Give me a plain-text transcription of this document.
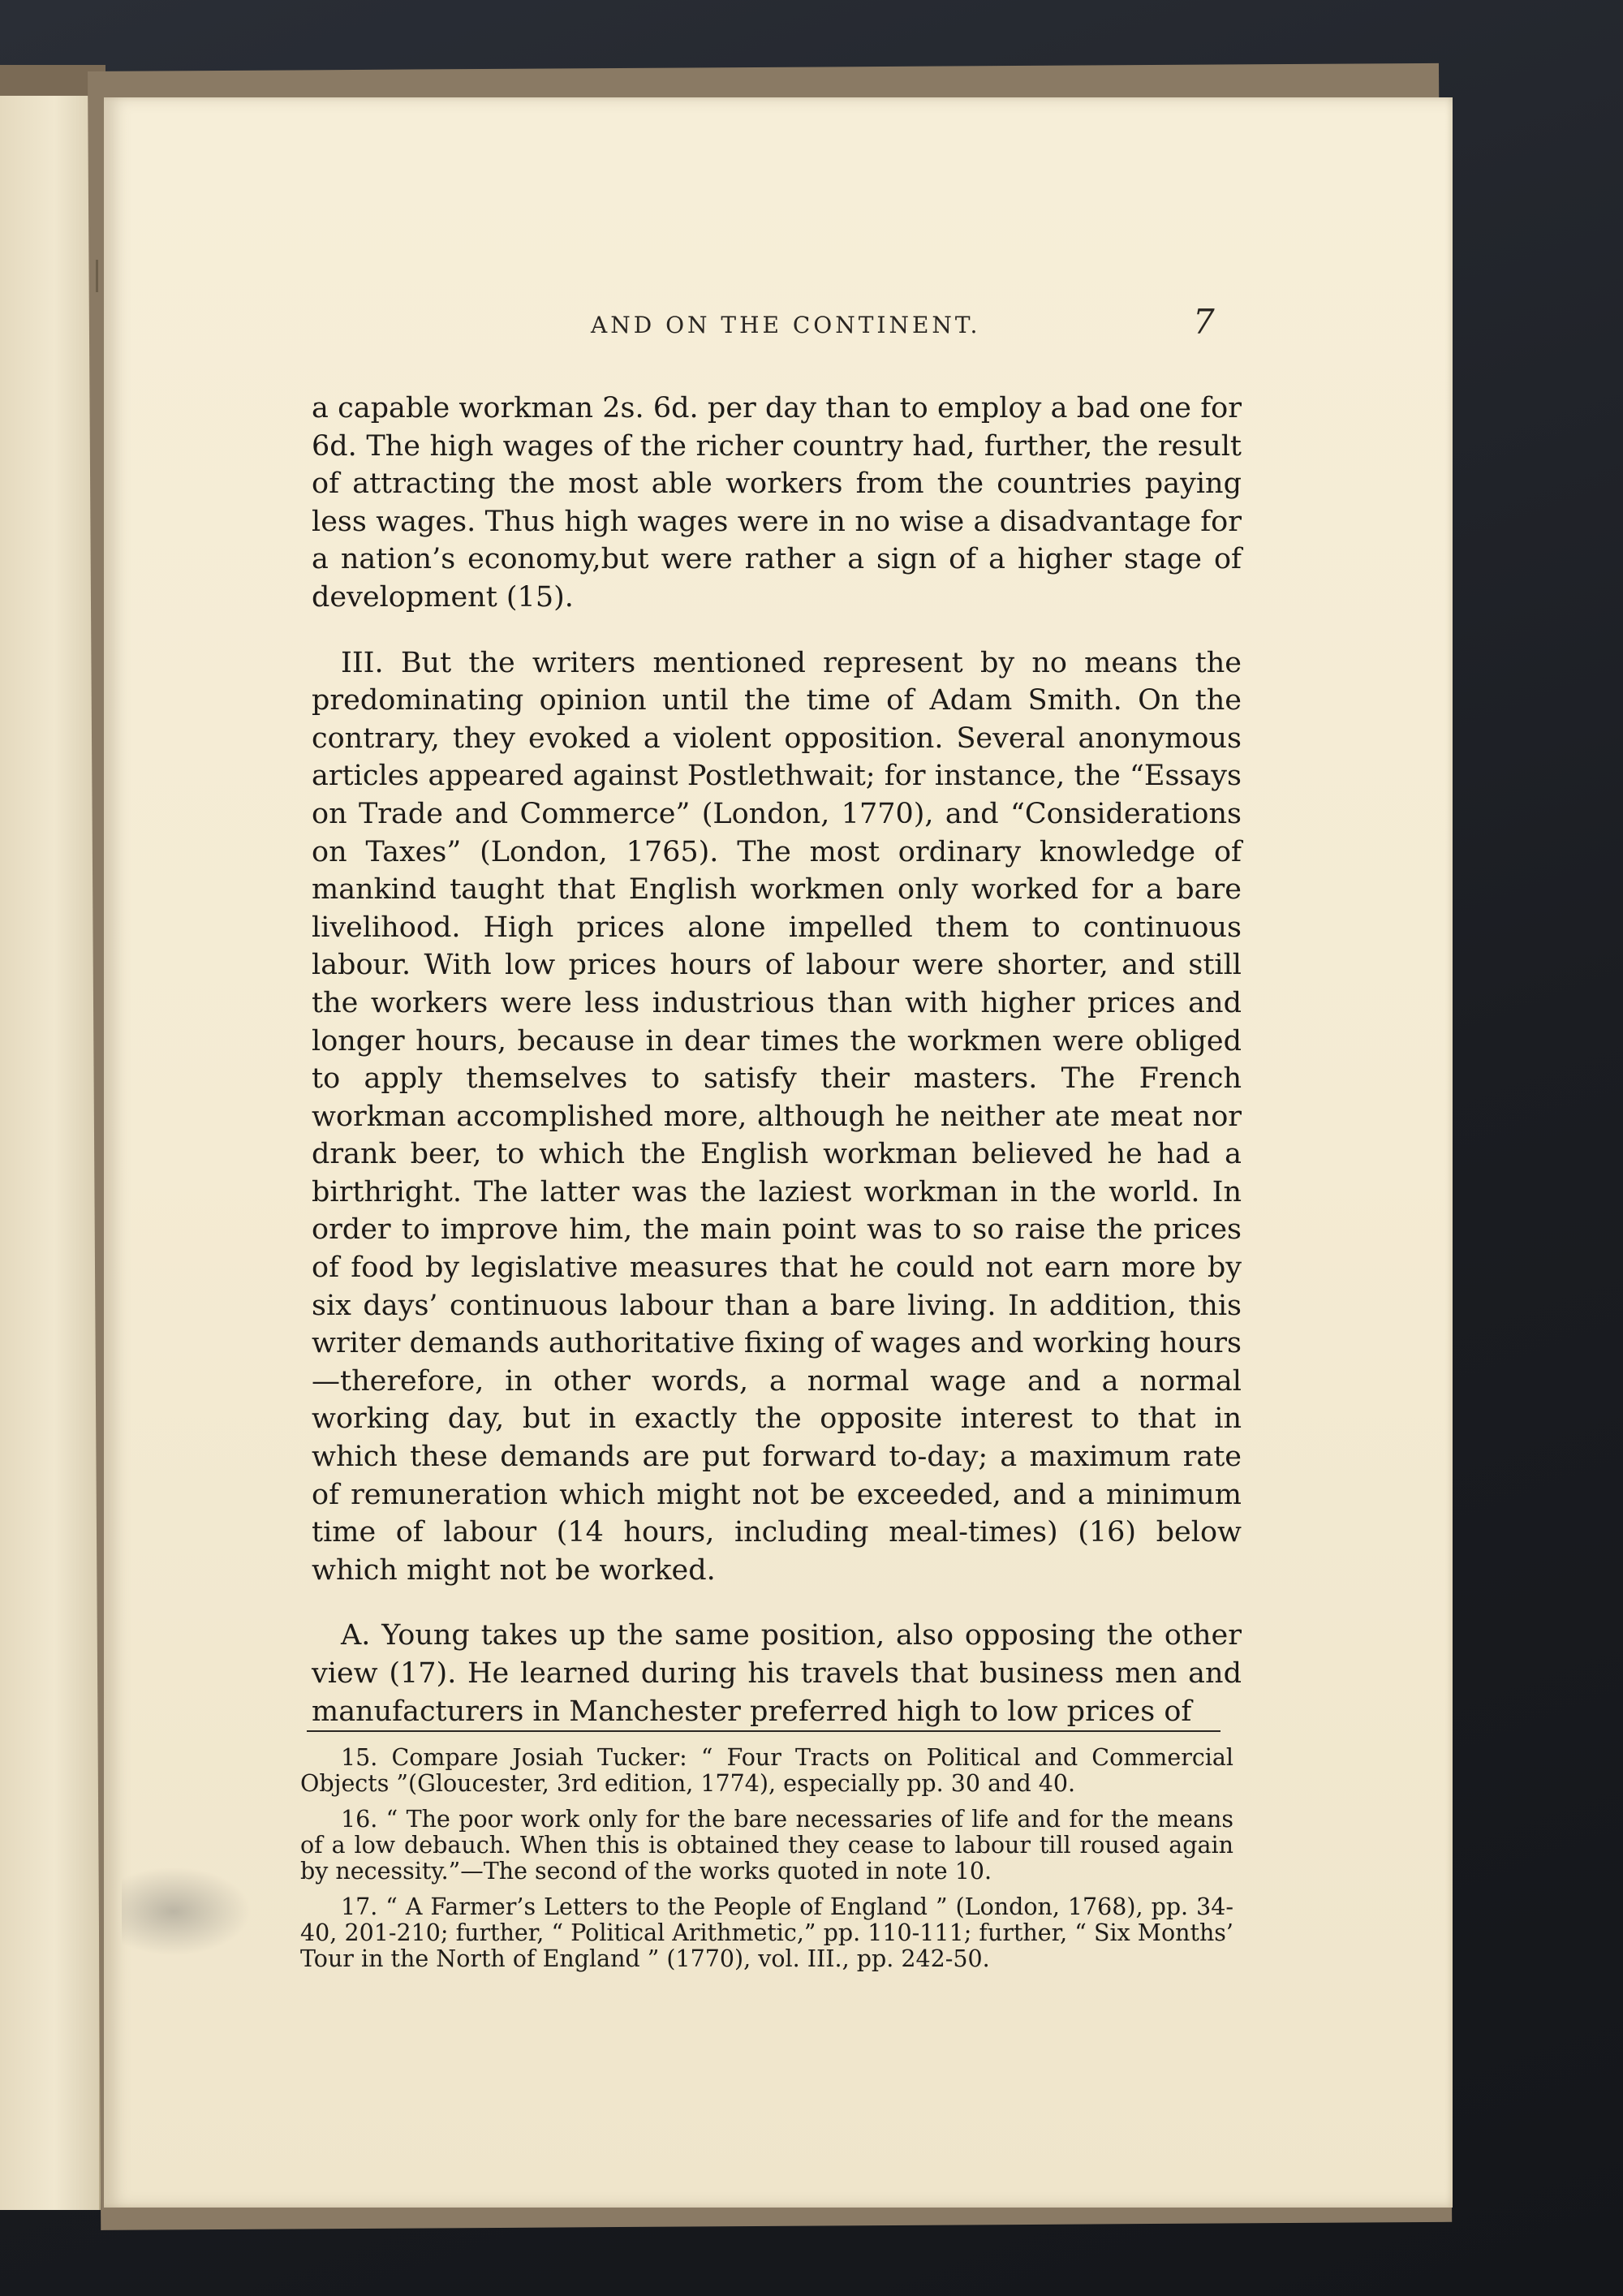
AND ON THE CONTINENT.	7

a capable workman 2s. 6d. per day than to employ a bad one for 6d. The high wages of the richer country had, further, the result of attracting the most able workers from the countries paying less wages. Thus high wages were in no wise a disadvantage for a nation’s economy,but were rather a sign of a higher stage of development (15).

III. But the writers mentioned represent by no means the predominating opinion until the time of Adam Smith. On the contrary, they evoked a violent opposition. Several anonymous articles appeared against Postlethwait; for instance, the “Essays on Trade and Commerce” (London, 1770), and “Considerations on Taxes” (London, 1765). The most ordinary knowledge of mankind taught that English workmen only worked for a bare livelihood. High prices alone impelled them to continuous labour. With low prices hours of labour were shorter, and still the workers were less industrious than with higher prices and longer hours, because in dear times the workmen were obliged to apply themselves to satisfy their masters. The French workman accomplished more, although he neither ate meat nor drank beer, to which the English workman believed he had a birthright. The latter was the laziest workman in the world. In order to improve him, the main point was to so raise the prices of food by legislative measures that he could not earn more by six days’ continuous labour than a bare living. In addition, this writer demands authoritative fixing of wages and working hours—therefore, in other words, a normal wage and a normal working day, but in exactly the opposite interest to that in which these demands are put forward to-day; a maximum rate of remuneration which might not be exceeded, and a minimum time of labour (14 hours, including meal-times) (16) below which might not be worked.

A. Young takes up the same position, also opposing the other view (17). He learned during his travels that business men and manufacturers in Manchester preferred high to low prices of

15. Compare Josiah Tucker: “ Four Tracts on Political and Commercial Objects ”(Gloucester, 3rd edition, 1774), especially pp. 30 and 40.

16. “ The poor work only for the bare necessaries of life and for the means of a low debauch. When this is obtained they cease to labour till roused again by necessity.”—The second of the works quoted in note 10.

17. “ A Farmer’s Letters to the People of England ” (London, 1768), pp. 34-40, 201-210; further, “ Political Arithmetic,” pp. 110-111; further, “ Six Months’ Tour in the North of England ” (1770), vol. III., pp. 242-50.
